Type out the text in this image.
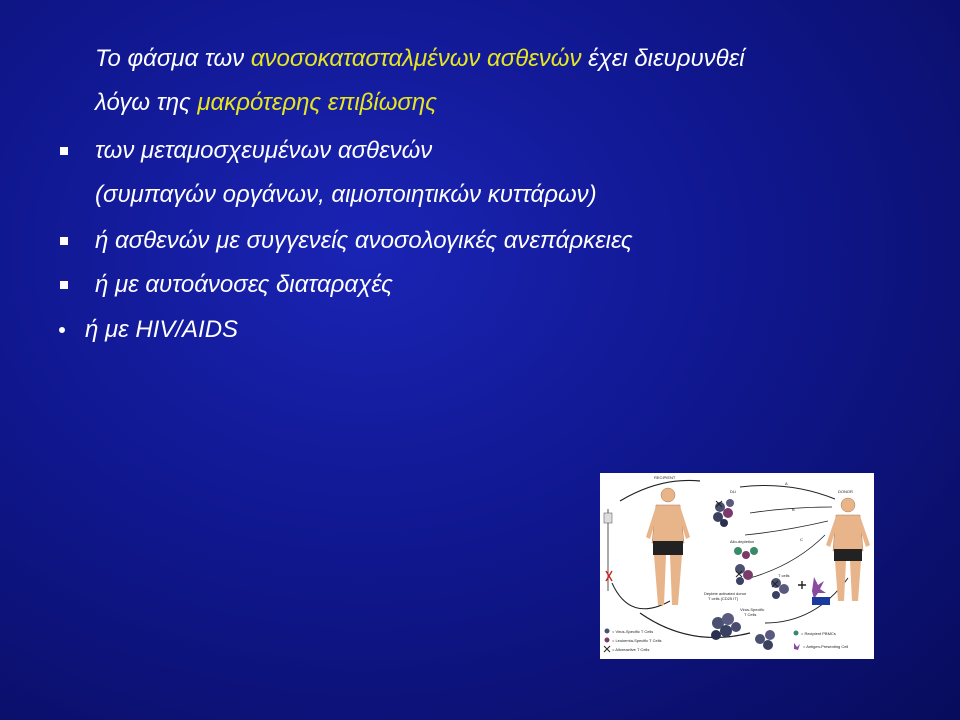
Το φάσμα των ανοσοκατασταλμένων ασθενών έχει διευρυνθεί
λόγω της μακρότερης επιβίωσης
των μεταμοσχευμένων ασθενών
(συμπαγών οργάνων, αιμοποιητικών κυττάρων)
ή ασθενών με συγγενείς ανοσολογικές ανεπάρκειες
ή με αυτοάνοσες διαταραχές
ή με HIV/AIDS
RECIPIENT
DONOR
DLI
A
B
C
Allo-depletion
T cells
Deplete activated donor
T cells (CD25 IT)
Virus-Specific
T Cells
= Virus-Specific T Cells
= Leukemia-Specific T Cells
= Alloreactive T Cells
= Recipient PBMCs
= Antigen-Presenting Cell
